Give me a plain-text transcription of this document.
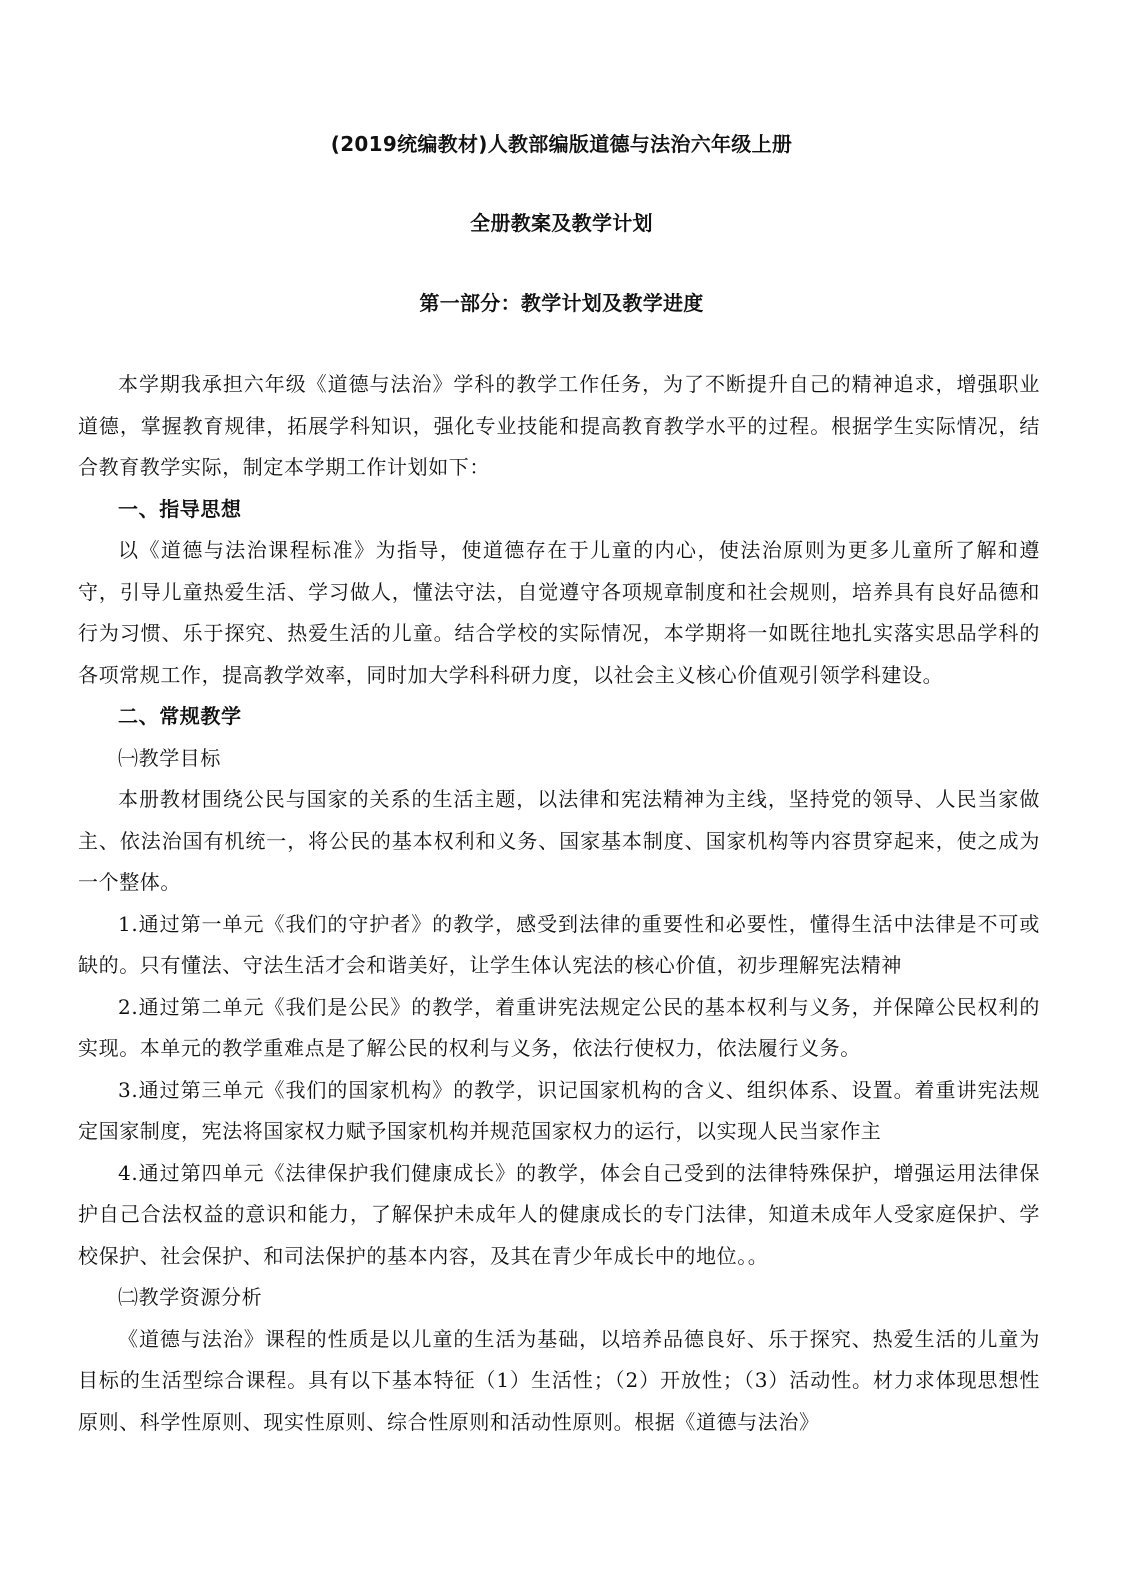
(2019统编教材)人教部编版道德与法治六年级上册
全册教案及教学计划
第一部分：教学计划及教学进度

本学期我承担六年级《道德与法治》学科的教学工作任务，为了不断提升自己的精神追求，增强职业道德，掌握教育规律，拓展学科知识，强化专业技能和提高教育教学水平的过程。根据学生实际情况，结合教育教学实际，制定本学期工作计划如下：

一、指导思想

以《道德与法治课程标准》为指导，使道德存在于儿童的内心，使法治原则为更多儿童所了解和遵守，引导儿童热爱生活、学习做人，懂法守法，自觉遵守各项规章制度和社会规则，培养具有良好品德和行为习惯、乐于探究、热爱生活的儿童。结合学校的实际情况，本学期将一如既往地扎实落实思品学科的各项常规工作，提高教学效率，同时加大学科科研力度，以社会主义核心价值观引领学科建设。

二、常规教学

㈠教学目标

本册教材围绕公民与国家的关系的生活主题，以法律和宪法精神为主线，坚持党的领导、人民当家做主、依法治国有机统一，将公民的基本权利和义务、国家基本制度、国家机构等内容贯穿起来，使之成为一个整体。

1.通过第一单元《我们的守护者》的教学，感受到法律的重要性和必要性，懂得生活中法律是不可或缺的。只有懂法、守法生活才会和谐美好，让学生体认宪法的核心价值，初步理解宪法精神

2.通过第二单元《我们是公民》的教学，着重讲宪法规定公民的基本权利与义务，并保障公民权利的实现。本单元的教学重难点是了解公民的权利与义务，依法行使权力，依法履行义务。

3.通过第三单元《我们的国家机构》的教学，识记国家机构的含义、组织体系、设置。着重讲宪法规定国家制度，宪法将国家权力赋予国家机构并规范国家权力的运行，以实现人民当家作主

4.通过第四单元《法律保护我们健康成长》的教学，体会自己受到的法律特殊保护，增强运用法律保护自己合法权益的意识和能力，了解保护未成年人的健康成长的专门法律，知道未成年人受家庭保护、学校保护、社会保护、和司法保护的基本内容，及其在青少年成长中的地位。。

㈡教学资源分析

《道德与法治》课程的性质是以儿童的生活为基础，以培养品德良好、乐于探究、热爱生活的儿童为目标的生活型综合课程。具有以下基本特征（1）生活性；（2）开放性；（3）活动性。材力求体现思想性原则、科学性原则、现实性原则、综合性原则和活动性原则。根据《道德与法治》
